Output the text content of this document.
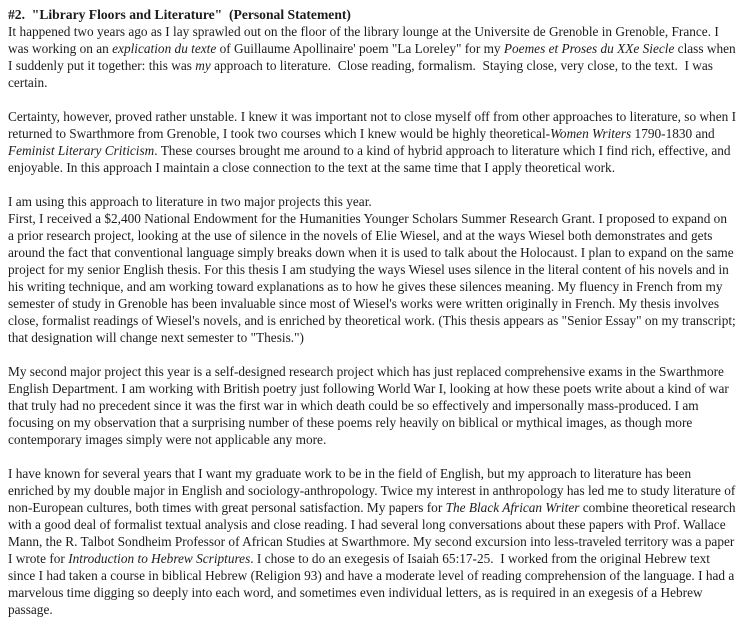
#2.  "Library Floors and Literature"  (Personal Statement)

It happened two years ago as I lay sprawled out on the floor of the library lounge at the Universite de Grenoble in Grenoble, France. I was working on an explication du texte of Guillaume Apollinaire' poem "La Loreley" for my Poemes et Proses du XXe Siecle class when I suddenly put it together: this was my approach to literature.  Close reading, formalism.  Staying close, very close, to the text.  I was certain.

Certainty, however, proved rather unstable. I knew it was important not to close myself off from other approaches to literature, so when I returned to Swarthmore from Grenoble, I took two courses which I knew would be highly theoretical-Women Writers 1790-1830 and Feminist Literary Criticism. These courses brought me around to a kind of hybrid approach to literature which I find rich, effective, and enjoyable. In this approach I maintain a close connection to the text at the same time that I apply theoretical work.

I am using this approach to literature in two major projects this year.
First, I received a $2,400 National Endowment for the Humanities Younger Scholars Summer Research Grant. I proposed to expand on a prior research project, looking at the use of silence in the novels of Elie Wiesel, and at the ways Wiesel both demonstrates and gets around the fact that conventional language simply breaks down when it is used to talk about the Holocaust. I plan to expand on the same project for my senior English thesis. For this thesis I am studying the ways Wiesel uses silence in the literal content of his novels and in his writing technique, and am working toward explanations as to how he gives these silences meaning. My fluency in French from my semester of study in Grenoble has been invaluable since most of Wiesel's works were written originally in French. My thesis involves close, formalist readings of Wiesel's novels, and is enriched by theoretical work. (This thesis appears as "Senior Essay" on my transcript; that designation will change next semester to "Thesis.")

My second major project this year is a self-designed research project which has just replaced comprehensive exams in the Swarthmore English Department. I am working with British poetry just following World War I, looking at how these poets write about a kind of war that truly had no precedent since it was the first war in which death could be so effectively and impersonally mass-produced. I am focusing on my observation that a surprising number of these poems rely heavily on biblical or mythical images, as though more contemporary images simply were not applicable any more.

I have known for several years that I want my graduate work to be in the field of English, but my approach to literature has been enriched by my double major in English and sociology-anthropology. Twice my interest in anthropology has led me to study literature of non-European cultures, both times with great personal satisfaction. My papers for The Black African Writer combine theoretical research with a good deal of formalist textual analysis and close reading. I had several long conversations about these papers with Prof. Wallace Mann, the R. Talbot Sondheim Professor of African Studies at Swarthmore. My second excursion into less-traveled territory was a paper I wrote for Introduction to Hebrew Scriptures. I chose to do an exegesis of Isaiah 65:17-25.  I worked from the original Hebrew text since I had taken a course in biblical Hebrew (Religion 93) and have a moderate level of reading comprehension of the language. I had a marvelous time digging so deeply into each word, and sometimes even individual letters, as is required in an exegesis of a Hebrew passage.
